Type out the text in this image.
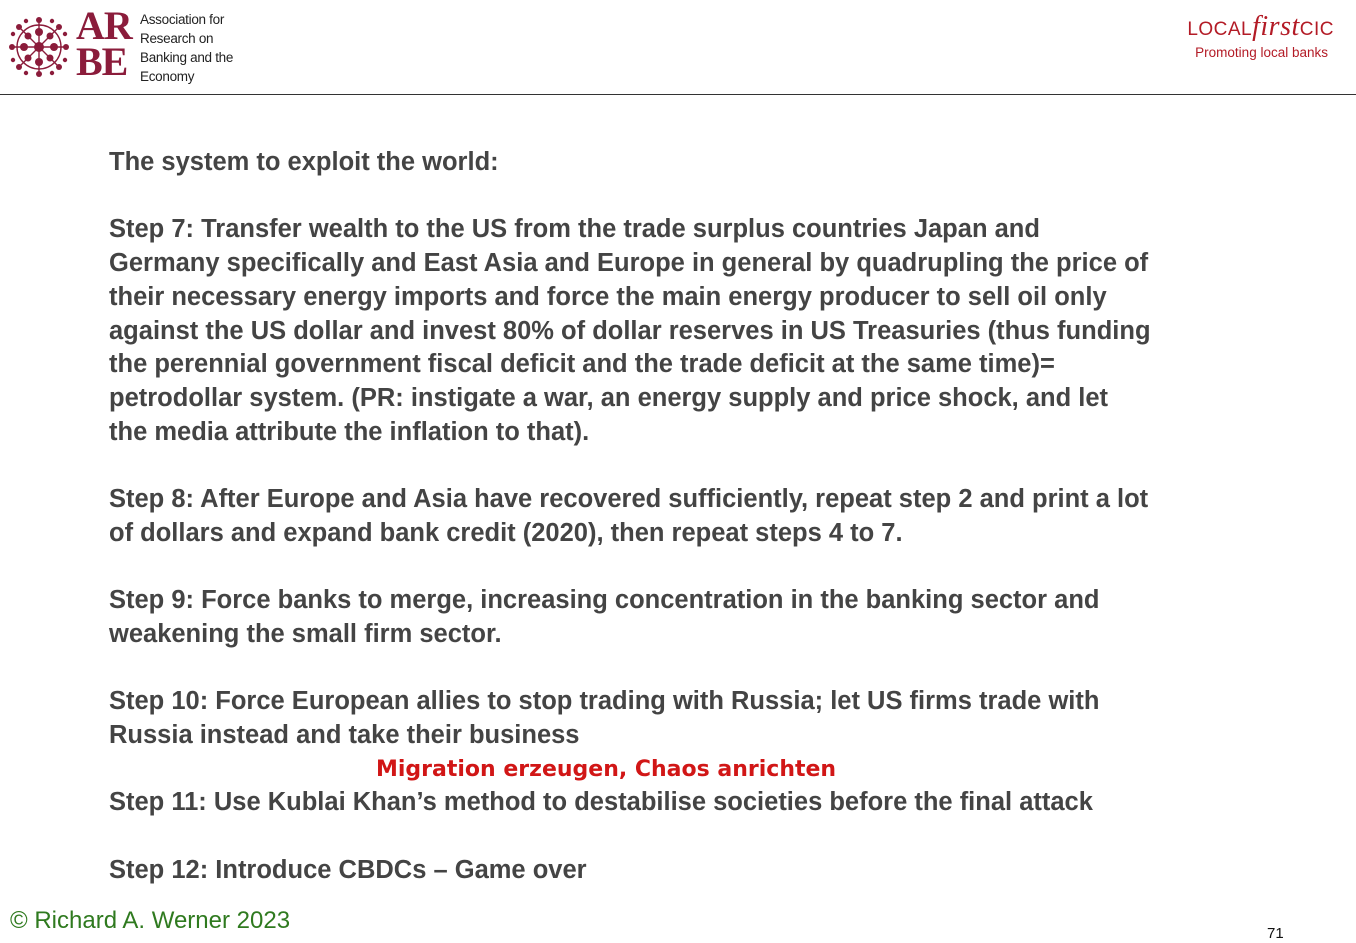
AR
BE
Association for
Research on
Banking and the
Economy
LOCALfirstCIC
Promoting local banks

The system to exploit the world:

Step 7: Transfer wealth to the US from the trade surplus countries Japan and

Germany specifically and East Asia and Europe in general by quadrupling the price of

their necessary energy imports and force the main energy producer to sell oil only

against the US dollar and invest 80% of dollar reserves in US Treasuries (thus funding

the perennial government fiscal deficit and the trade deficit at the same time)=

petrodollar system. (PR: instigate a war, an energy supply and price shock, and let

the media attribute the inflation to that).

Step 8: After Europe and Asia have recovered sufficiently, repeat step 2 and print a lot

of dollars and expand bank credit (2020), then repeat steps 4 to 7.

Step 9: Force banks to merge, increasing concentration in the banking sector and

weakening the small firm sector.

Step 10: Force European allies to stop trading with Russia; let US firms trade with

Russia instead and take their business

Migration erzeugen, Chaos anrichten

Step 11: Use Kublai Khan’s method to destabilise societies before the final attack

Step 12: Introduce CBDCs – Game over

© Richard A. Werner 2023	71
